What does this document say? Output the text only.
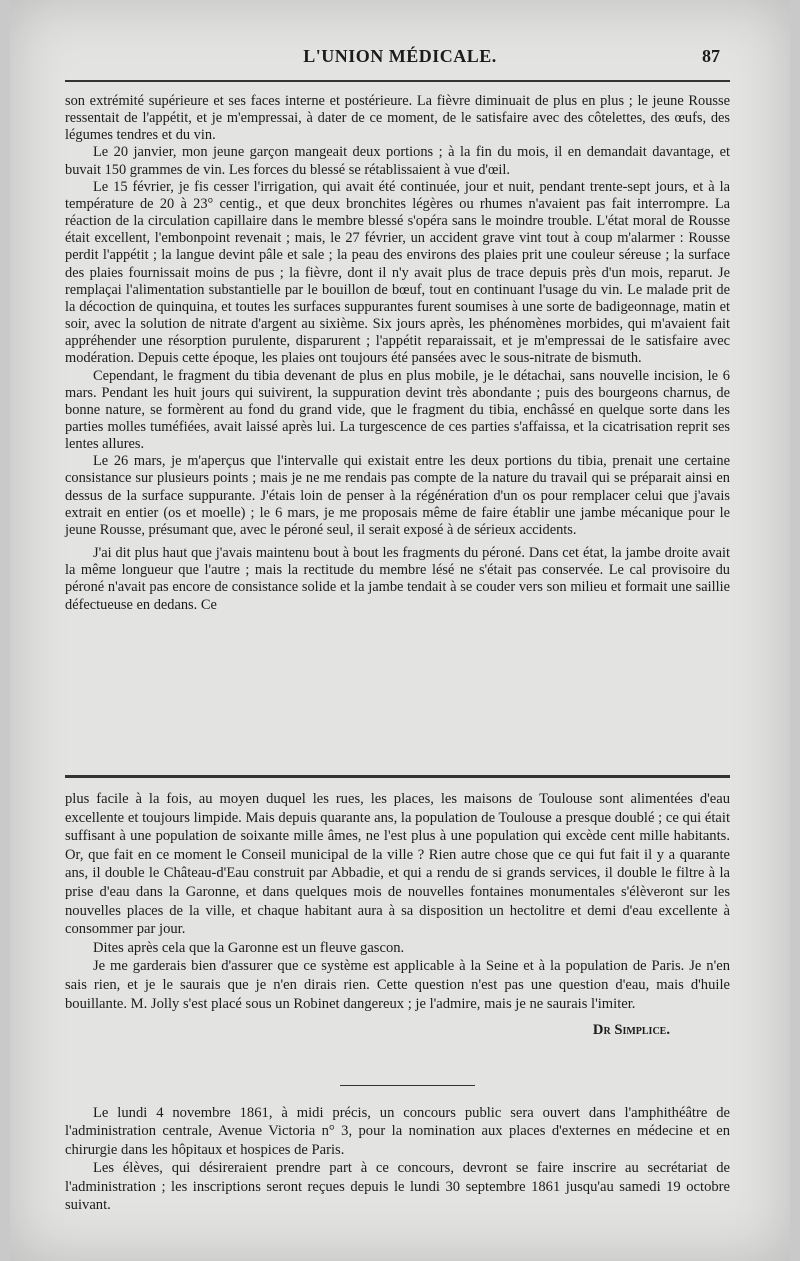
L'UNION MÉDICALE.	87

son extrémité supérieure et ses faces interne et postérieure. La fièvre diminuait de plus en plus ; le jeune Rousse ressentait de l'appétit, et je m'empressai, à dater de ce moment, de le satisfaire avec des côtelettes, des œufs, des légumes tendres et du vin.

Le 20 janvier, mon jeune garçon mangeait deux portions ; à la fin du mois, il en demandait davantage, et buvait 150 grammes de vin. Les forces du blessé se rétablissaient à vue d'œil.

Le 15 février, je fis cesser l'irrigation, qui avait été continuée, jour et nuit, pendant trente-sept jours, et à la température de 20 à 23° centig., et que deux bronchites légères ou rhumes n'avaient pas fait interrompre. La réaction de la circulation capillaire dans le membre blessé s'opéra sans le moindre trouble. L'état moral de Rousse était excellent, l'embonpoint revenait ; mais, le 27 février, un accident grave vint tout à coup m'alarmer : Rousse perdit l'appétit ; la langue devint pâle et sale ; la peau des environs des plaies prit une couleur séreuse ; la surface des plaies fournissait moins de pus ; la fièvre, dont il n'y avait plus de trace depuis près d'un mois, reparut. Je remplaçai l'alimentation substantielle par le bouillon de bœuf, tout en continuant l'usage du vin. Le malade prit de la décoction de quinquina, et toutes les surfaces suppurantes furent soumises à une sorte de badigeonnage, matin et soir, avec la solution de nitrate d'argent au sixième. Six jours après, les phénomènes morbides, qui m'avaient fait appréhender une résorption purulente, disparurent ; l'appétit reparaissait, et je m'empressai de le satisfaire avec modération. Depuis cette époque, les plaies ont toujours été pansées avec le sous-nitrate de bismuth.

Cependant, le fragment du tibia devenant de plus en plus mobile, je le détachai, sans nouvelle incision, le 6 mars. Pendant les huit jours qui suivirent, la suppuration devint très abondante ; puis des bourgeons charnus, de bonne nature, se formèrent au fond du grand vide, que le fragment du tibia, enchâssé en quelque sorte dans les parties molles tuméfiées, avait laissé après lui. La turgescence de ces parties s'affaissa, et la cicatrisation reprit ses lentes allures.

Le 26 mars, je m'aperçus que l'intervalle qui existait entre les deux portions du tibia, prenait une certaine consistance sur plusieurs points ; mais je ne me rendais pas compte de la nature du travail qui se préparait ainsi en dessus de la surface suppurante. J'étais loin de penser à la régénération d'un os pour remplacer celui que j'avais extrait en entier (os et moelle) ; le 6 mars, je me proposais même de faire établir une jambe mécanique pour le jeune Rousse, présumant que, avec le péroné seul, il serait exposé à de sérieux accidents.

J'ai dit plus haut que j'avais maintenu bout à bout les fragments du péroné. Dans cet état, la jambe droite avait la même longueur que l'autre ; mais la rectitude du membre lésé ne s'était pas conservée. Le cal provisoire du péroné n'avait pas encore de consistance solide et la jambe tendait à se couder vers son milieu et formait une saillie défectueuse en dedans. Ce

plus facile à la fois, au moyen duquel les rues, les places, les maisons de Toulouse sont alimentées d'eau excellente et toujours limpide. Mais depuis quarante ans, la population de Toulouse a presque doublé ; ce qui était suffisant à une population de soixante mille âmes, ne l'est plus à une population qui excède cent mille habitants. Or, que fait en ce moment le Conseil municipal de la ville ? Rien autre chose que ce qui fut fait il y a quarante ans, il double le Château-d'Eau construit par Abbadie, et qui a rendu de si grands services, il double le filtre à la prise d'eau dans la Garonne, et dans quelques mois de nouvelles fontaines monumentales s'élèveront sur les nouvelles places de la ville, et chaque habitant aura à sa disposition un hectolitre et demi d'eau excellente à consommer par jour.

Dites après cela que la Garonne est un fleuve gascon.

Je me garderais bien d'assurer que ce système est applicable à la Seine et à la population de Paris. Je n'en sais rien, et je le saurais que je n'en dirais rien. Cette question n'est pas une question d'eau, mais d'huile bouillante. M. Jolly s'est placé sous un Robinet dangereux ; je l'admire, mais je ne saurais l'imiter.

Dr Simplice.

Le lundi 4 novembre 1861, à midi précis, un concours public sera ouvert dans l'amphithéâtre de l'administration centrale, Avenue Victoria n° 3, pour la nomination aux places d'externes en médecine et en chirurgie dans les hôpitaux et hospices de Paris.

Les élèves, qui désireraient prendre part à ce concours, devront se faire inscrire au secrétariat de l'administration ; les inscriptions seront reçues depuis le lundi 30 septembre 1861 jusqu'au samedi 19 octobre suivant.
